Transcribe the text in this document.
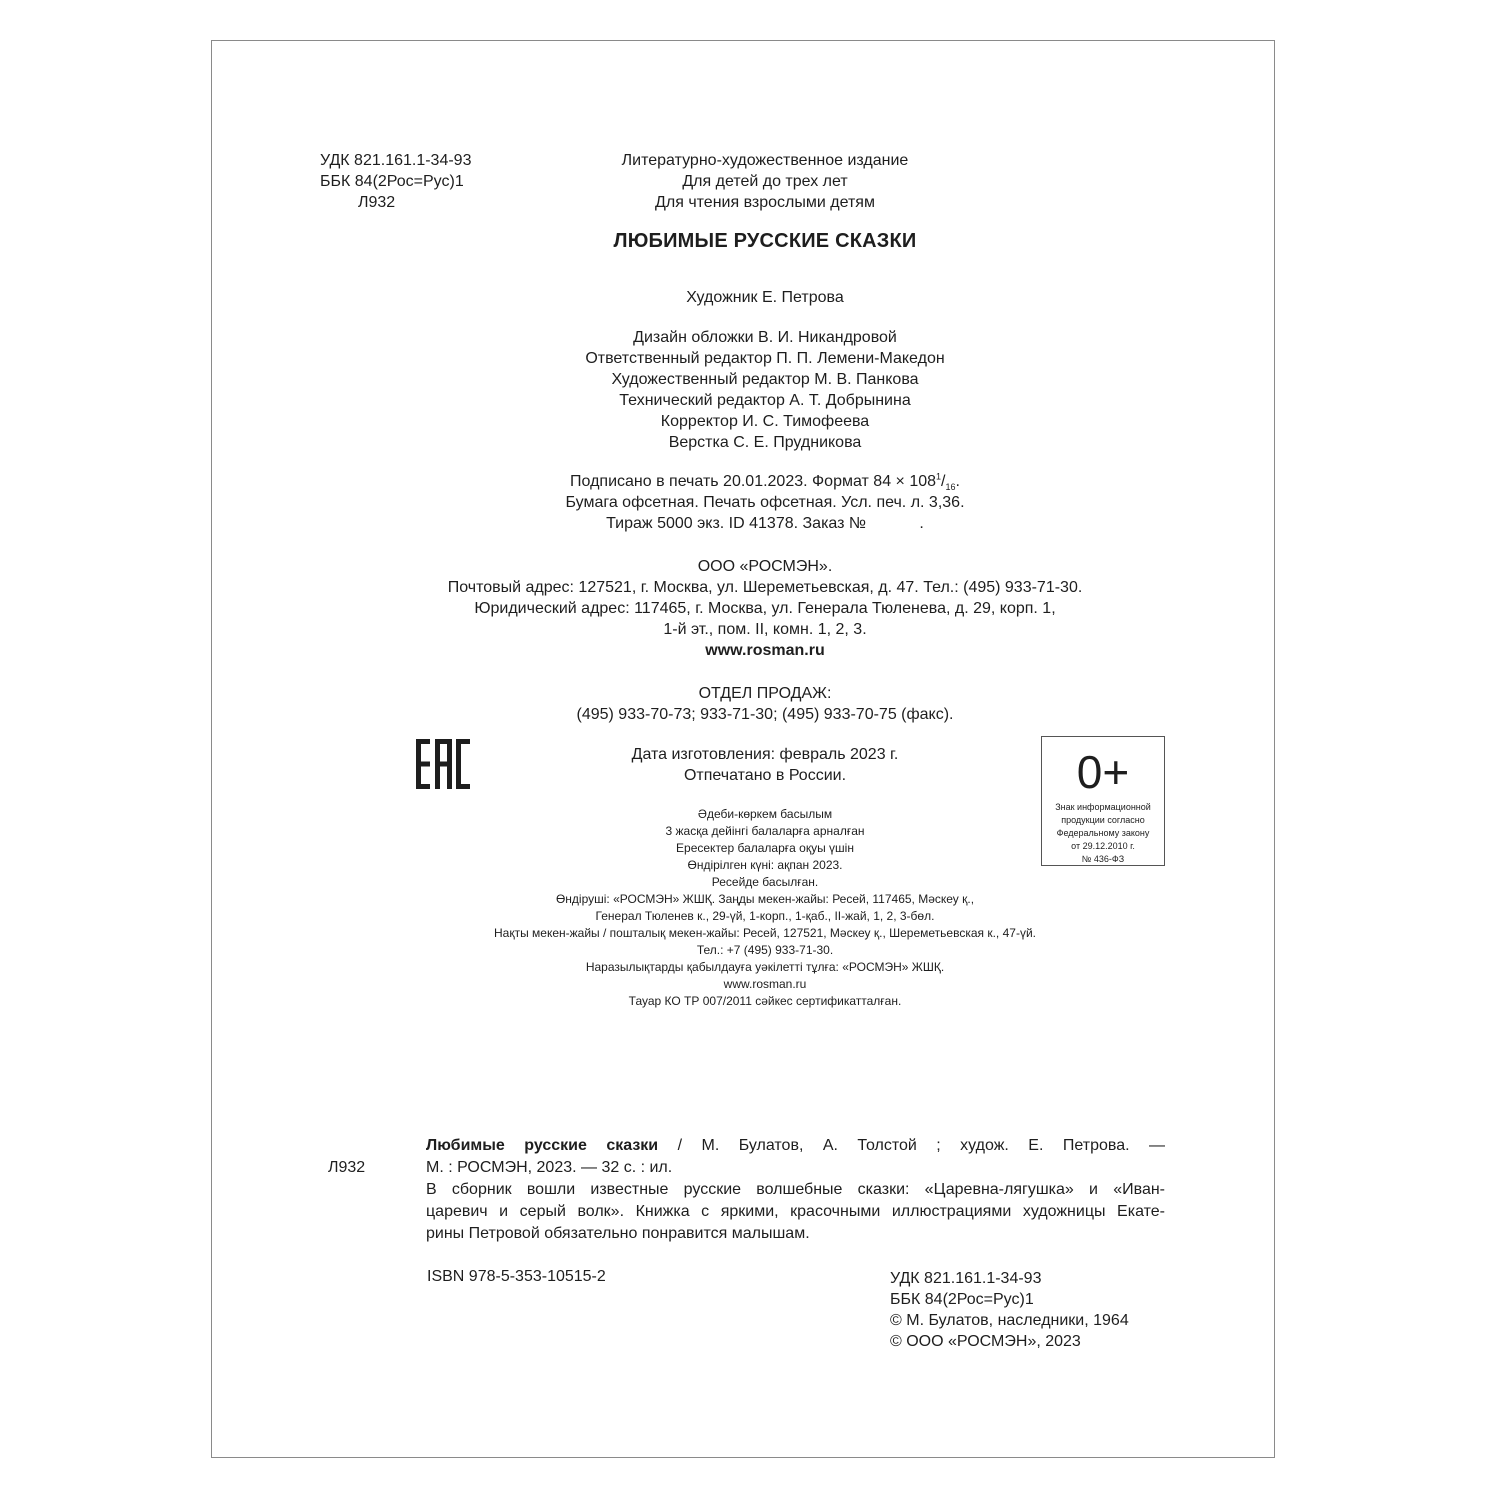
УДК 821.161.1-34-93
ББК 84(2Рос=Рус)1
Л932
Литературно-художественное издание
Для детей до трех лет
Для чтения взрослыми детям
ЛЮБИМЫЕ РУССКИЕ СКАЗКИ
Художник Е. Петрова
Дизайн обложки В. И. Никандровой
Ответственный редактор П. П. Лемени-Македон
Художественный редактор М. В. Панкова
Технический редактор А. Т. Добрынина
Корректор И. С. Тимофеева
Верстка С. Е. Прудникова
Подписано в печать 20.01.2023. Формат $84 \times 108^1/_{16}$.
Бумага офсетная. Печать офсетная. Усл. печ. л. 3,36.
Тираж 5000 экз. ID 41378. Заказ №            .
ООО «РОСМЭН».
Почтовый адрес: 127521, г. Москва, ул. Шереметьевская, д. 47. Тел.: (495) 933-71-30.
Юридический адрес: 117465, г. Москва, ул. Генерала Тюленева, д. 29, корп. 1,
1-й эт., пом. II, комн. 1, 2, 3.
www.rosman.ru
ОТДЕЛ ПРОДАЖ:
(495) 933-70-73; 933-71-30; (495) 933-70-75 (факс).
Дата изготовления: февраль 2023 г.
Отпечатано в России.	0+
Знак информационной
продукции согласно
Федеральному закону
от 29.12.2010 г.
№ 436-ФЗ
Әдеби-көркем басылым
3 жасқа дейінгі балаларға арналған
Ересектер балаларға оқуы үшін
Өндірілген күні: ақпан 2023.
Ресейде басылған.
Өндіруші: «РОСМЭН» ЖШҚ. Заңды мекен-жайы: Ресей, 117465, Мәскеу қ.,
Генерал Тюленев к., 29-үй, 1-корп., 1-қаб., II-жай, 1, 2, 3-бөл.
Нақты мекен-жайы / пошталық мекен-жайы: Ресей, 127521, Мәскеу қ., Шереметьевская к., 47-үй.
Тел.: +7 (495) 933-71-30.
Наразылықтарды қабылдауға уәкілетті тұлға: «РОСМЭН» ЖШҚ.
www.rosman.ru
Тауар КО ТР 007/2011 сәйкес сертификатталған.
Любимые русские сказки / М. Булатов, А. Толстой ; худож. Е. Петрова. —
Л932	М. : РОСМЭН, 2023. — 32 с. : ил.
В сборник вошли известные русские волшебные сказки: «Царевна-лягушка» и «Иван-
царевич и серый волк». Книжка с яркими, красочными иллюстрациями художницы Екате-
рины Петровой обязательно понравится малышам.
ISBN 978-5-353-10515-2	УДК 821.161.1-34-93
ББК 84(2Рос=Рус)1
© М. Булатов, наследники, 1964
© ООО «РОСМЭН», 2023
